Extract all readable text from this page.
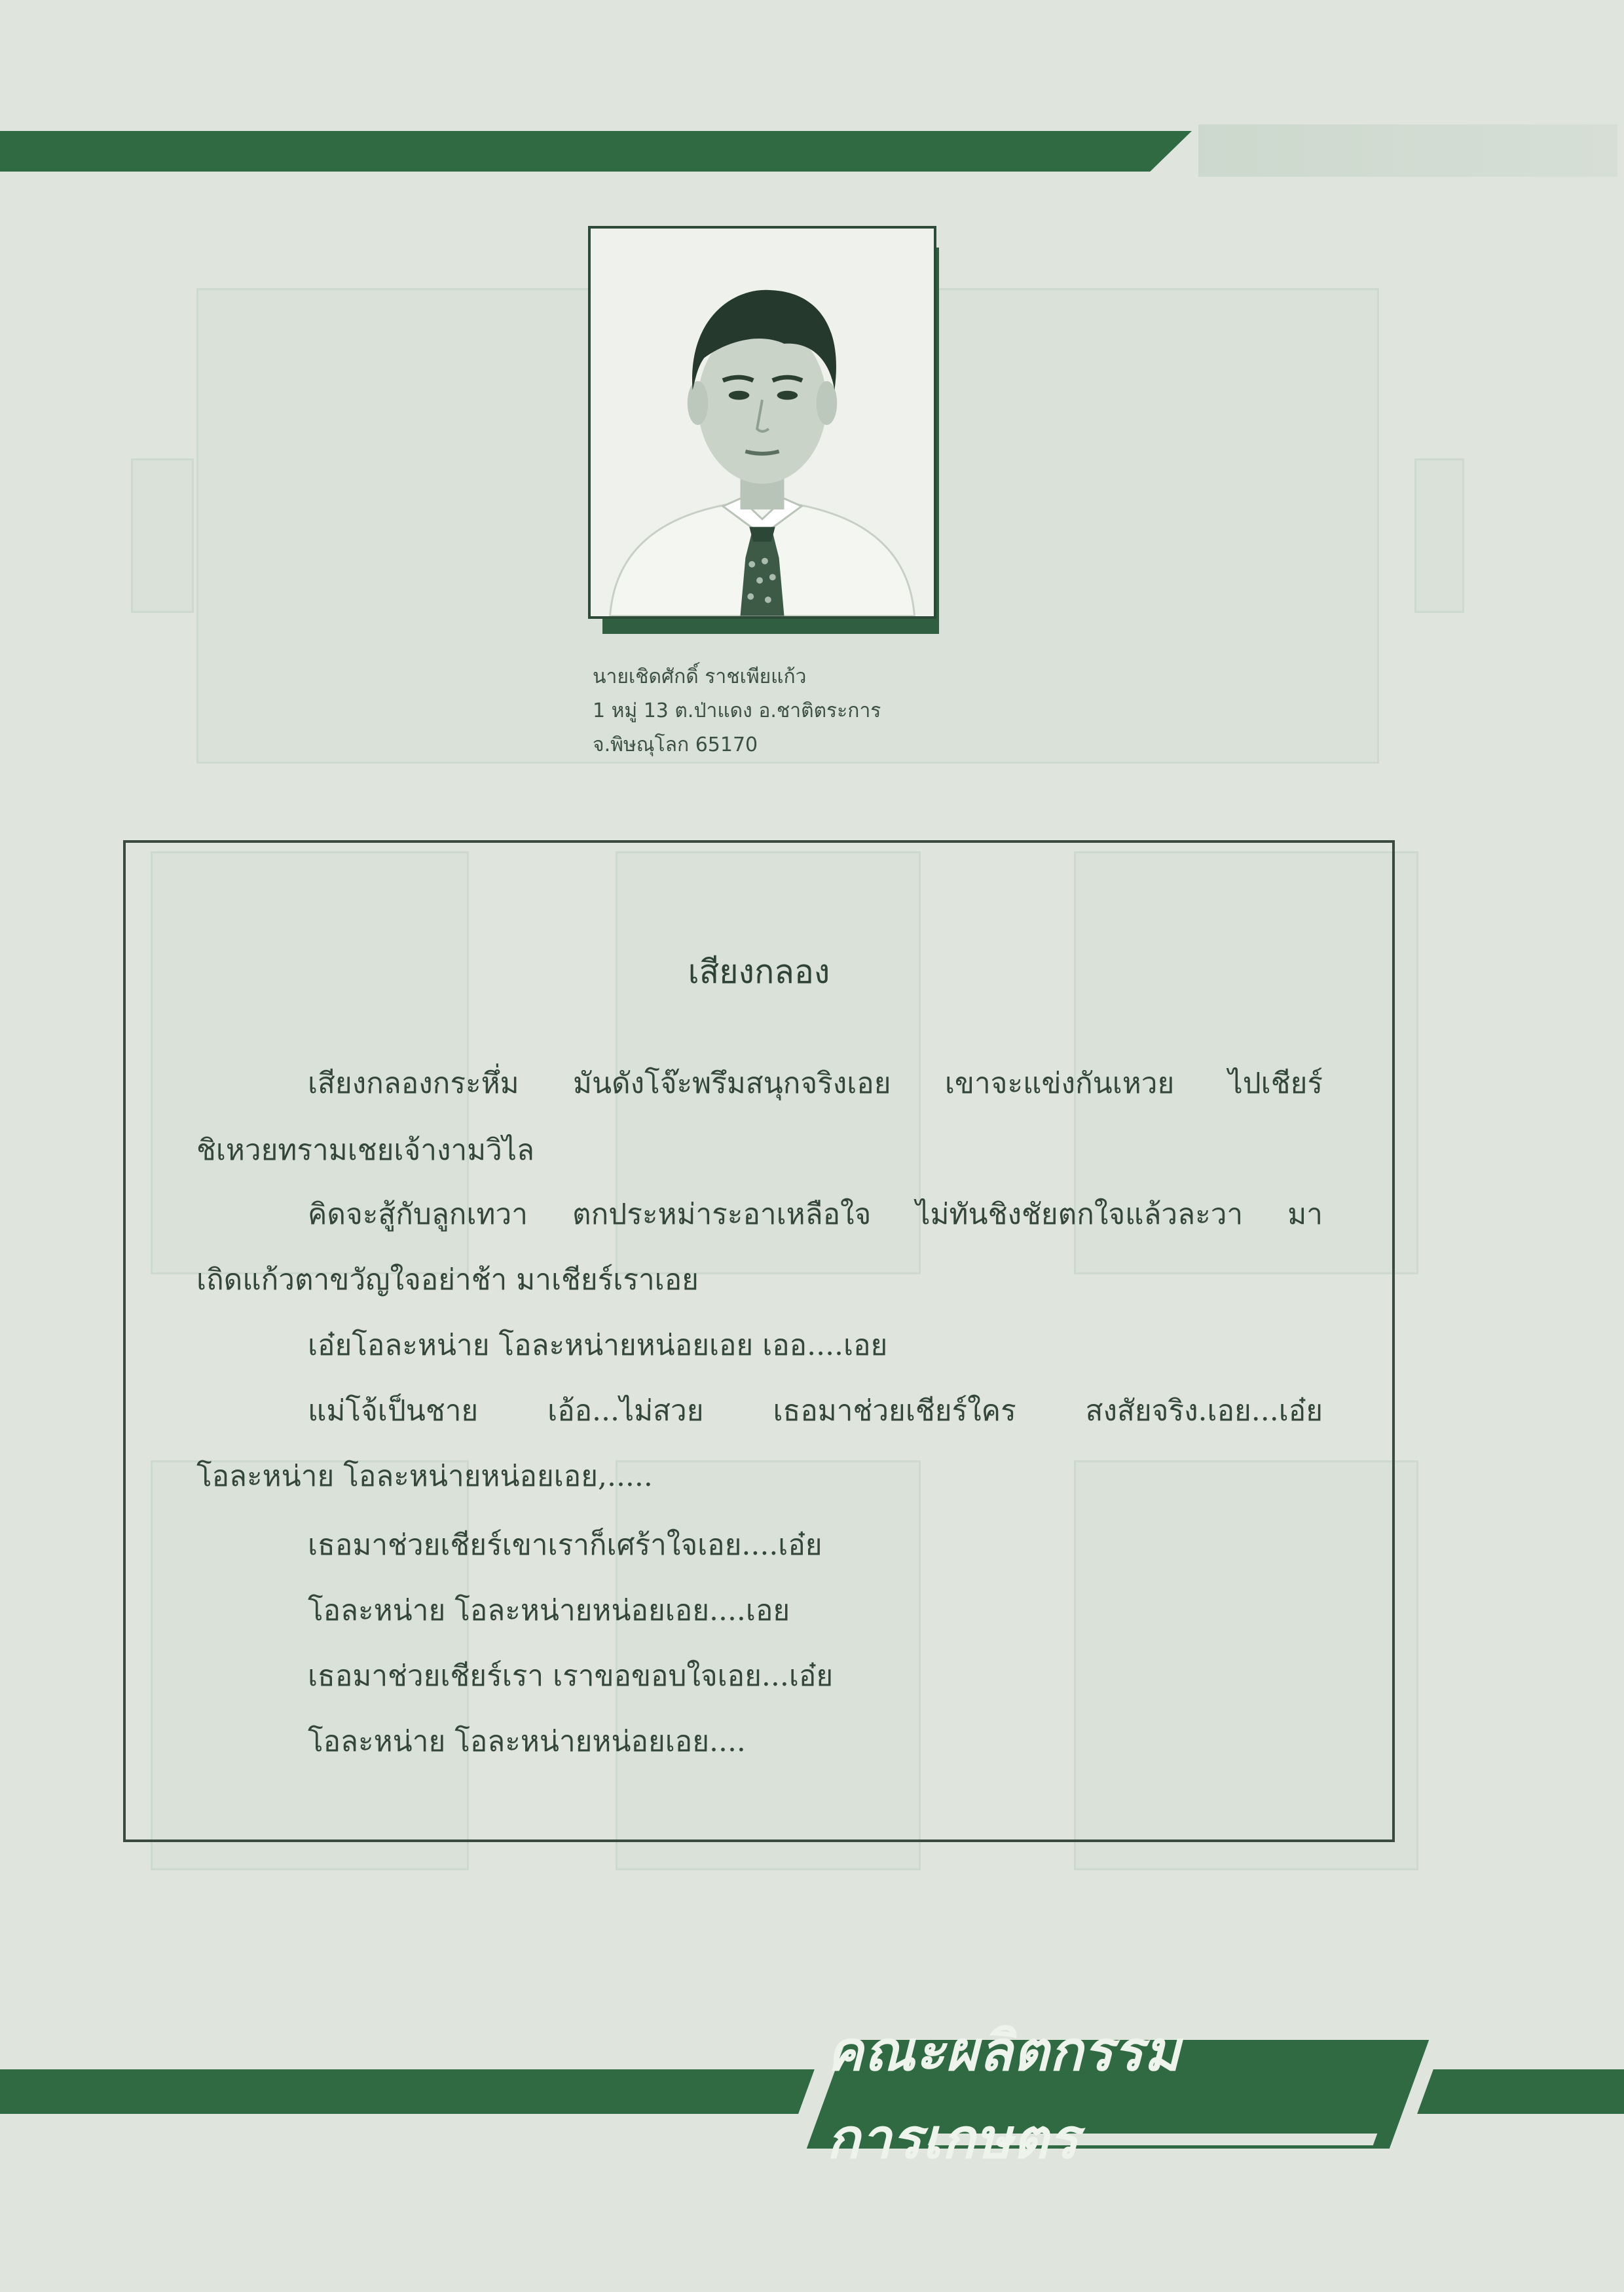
นายเชิดศักดิ์ ราชเพียแก้ว
1 หมู่ 13 ต.ป่าแดง อ.ชาติตระการ
จ.พิษณุโลก 65170
เสียงกลอง
เสียงกลองกระหึ่ม มันดังโจ๊ะพรึมสนุกจริงเอย เขาจะแข่งกันเหวย ไปเชียร์
ชิเหวยทรามเชยเจ้างามวิไล
คิดจะสู้กับลูกเทวา ตกประหม่าระอาเหลือใจ ไม่ทันชิงชัยตกใจแล้วละวา มา
เถิดแก้วตาขวัญใจอย่าช้า มาเชียร์เราเอย
เอ๋ยโอละหน่าย โอละหน่ายหน่อยเอย เออ....เอย
แม่โจ้เป็นชาย เอ้อ...ไม่สวย เธอมาช่วยเชียร์ใคร สงสัยจริง.เอย...เอ๋ย
โอละหน่าย โอละหน่ายหน่อยเอย,.....
เธอมาช่วยเชียร์เขาเราก็เศร้าใจเอย....เอ๋ย
โอละหน่าย โอละหน่ายหน่อยเอย....เอย
เธอมาช่วยเชียร์เรา เราขอขอบใจเอย...เอ๋ย
โอละหน่าย โอละหน่ายหน่อยเอย....
คณะผลิตกรรมการเกษตร
